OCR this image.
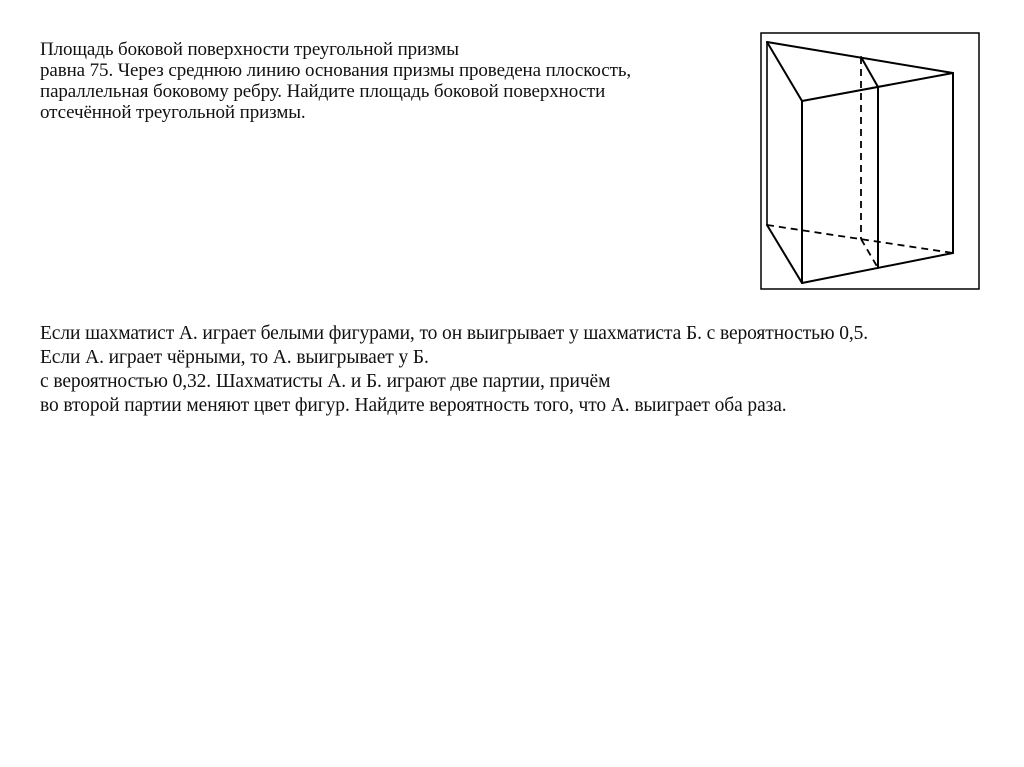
Площадь боковой поверхности треугольной призмы

равна 75. Через среднюю линию основания призмы проведена плоскость,

параллельная боковому ребру. Найдите площадь боковой поверхности

отсечённой треугольной призмы.

Если шахматист А. играет белыми фигурами, то он выигрывает у шахматиста Б. с вероятностью 0,5.

Если А. играет чёрными, то А. выигрывает у Б.

с вероятностью 0,32. Шахматисты А. и Б. играют две партии, причём

во второй партии меняют цвет фигур. Найдите вероятность того, что А. выиграет оба раза.
